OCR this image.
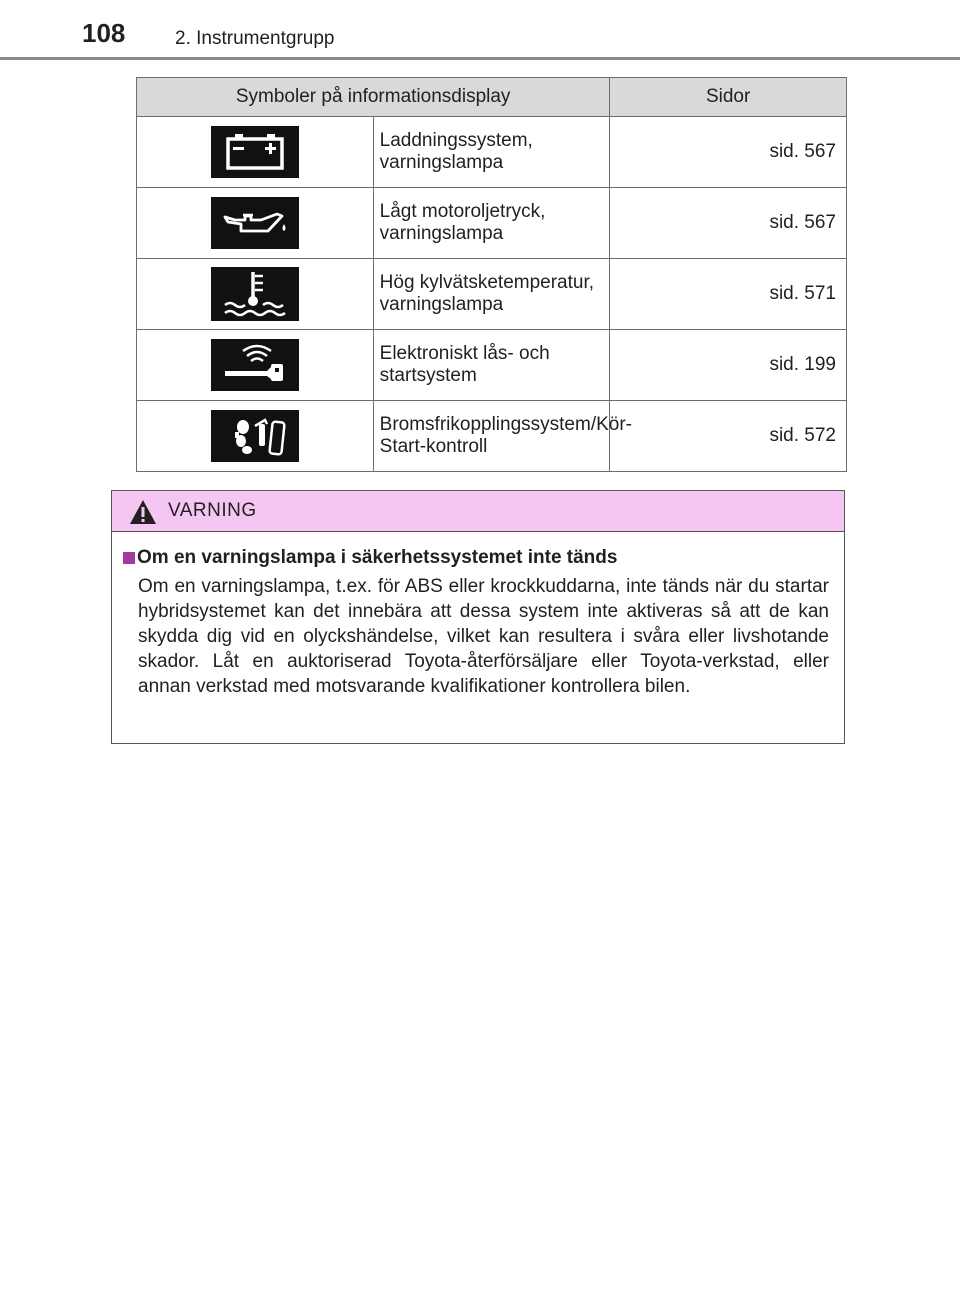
108	2. Instrumentgrupp
Symboler på informationsdisplay		Sidor

	Laddningssystem, varningslampa	sid. 567

	Lågt motoroljetryck, varningslampa	sid. 567

	Hög kylvätsketemperatur, varningslampa	sid. 571

	Elektroniskt lås- och startsystem	sid. 199

	Bromsfrikopplingssystem/Kör-Start-kontroll	sid. 572
VARNING
Om en varningslampa i säkerhetssystemet inte tänds
Om en varningslampa, t.ex. för ABS eller krockkuddarna, inte tänds när du startar hybridsystemet kan det innebära att dessa system inte aktiveras så att de kan skydda dig vid en olyckshändelse, vilket kan resultera i svåra eller livshotande skador. Låt en auktoriserad Toyota-återförsäljare eller Toyota-verkstad, eller annan verkstad med motsvarande kvalifikationer kontrollera bilen.
